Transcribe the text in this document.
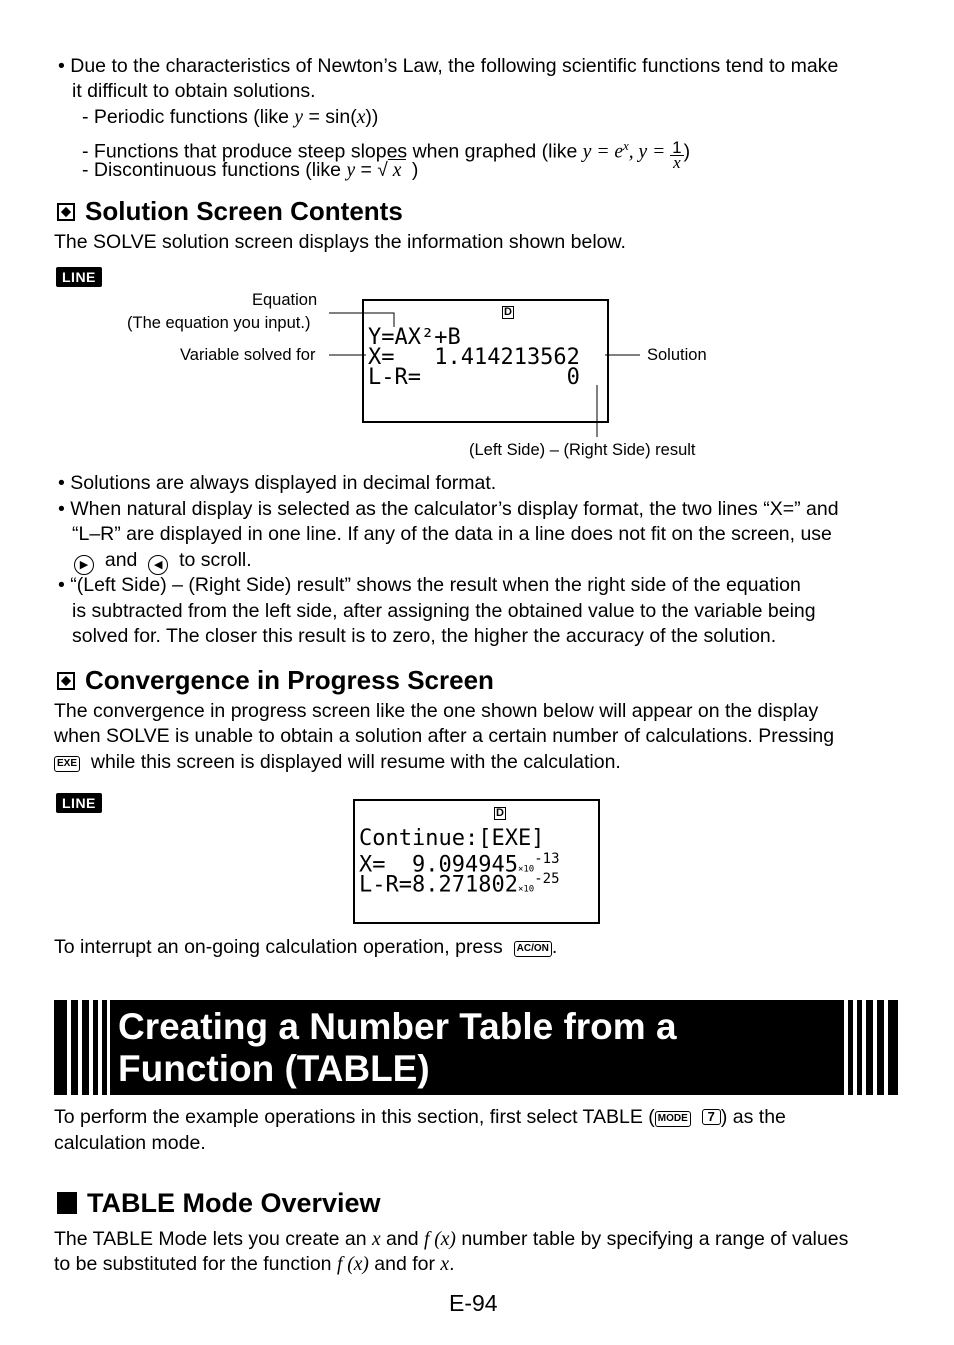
• Due to the characteristics of Newton’s Law, the following scientific functions tend to make
it difficult to obtain solutions.
- Periodic functions (like y = sin(x))
- Functions that produce steep slopes when graphed (like $y = e^x$, $y = \frac{1}{x}$ )
- Discontinuous functions (like y = √ x )
Solution Screen Contents
The SOLVE solution screen displays the information shown below.
LINE
D
Y=AX²+B
X=   1.414213562
L-R=           0
Equation
(The equation you input.)
Variable solved for	Solution
(Left Side) – (Right Side) result
• Solutions are always displayed in decimal format.
• When natural display is selected as the calculator’s display format, the two lines “X=” and
“L–R” are displayed in one line. If any of the data in a line does not fit on the screen, use
▶ and ◀ to scroll.
• “(Left Side) – (Right Side) result” shows the result when the right side of the equation
is subtracted from the left side, after assigning the obtained value to the variable being
solved for. The closer this result is to zero, the higher the accuracy of the solution.
Convergence in Progress Screen
The convergence in progress screen like the one shown below will appear on the display
when SOLVE is unable to obtain a solution after a certain number of calculations. Pressing
EXE while this screen is displayed will resume with the calculation.
LINE
D
Continue:[EXE]
$X= 9.094945\times 10^{-13}$
$L-R=8.271802\times 10^{-25}$
To interrupt an on-going calculation operation, press AC/ON .
Creating a Number Table from a
Function (TABLE)
To perform the example operations in this section, first select TABLE ( MODE 7 ) as the
calculation mode.
TABLE Mode Overview
The TABLE Mode lets you create an x and f (x) number table by specifying a range of values
to be substituted for the function f (x) and for x.
E-94
